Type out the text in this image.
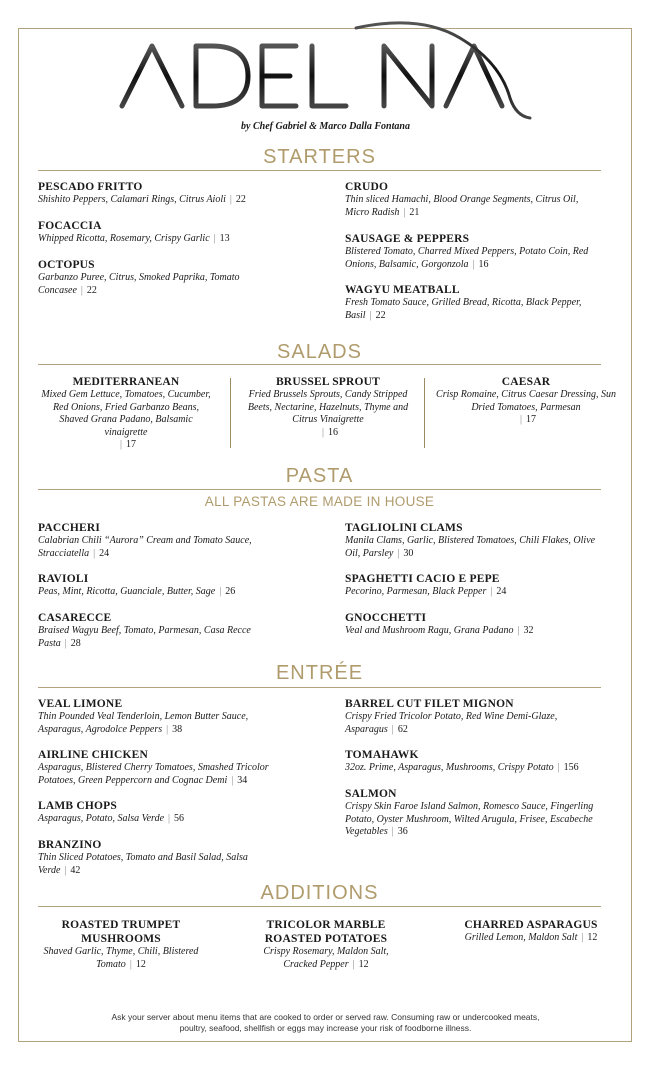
by Chef Gabriel & Marco Dalla Fontana
STARTERS
PESCADO FRITTO
Shishito Peppers, Calamari Rings, Citrus Aioli | 22
FOCACCIA
Whipped Ricotta, Rosemary, Crispy Garlic | 13
OCTOPUS
Garbanzo Puree, Citrus, Smoked Paprika, Tomato Concasee | 22
CRUDO
Thin sliced Hamachi, Blood Orange Segments, Citrus Oil, Micro Radish | 21
SAUSAGE & PEPPERS
Blistered Tomato, Charred Mixed Peppers, Potato Coin, Red Onions, Balsamic, Gorgonzola | 16
WAGYU MEATBALL
Fresh Tomato Sauce, Grilled Bread, Ricotta, Black Pepper, Basil | 22
SALADS
MEDITERRANEAN
Mixed Gem Lettuce, Tomatoes, Cucumber, Red Onions, Fried Garbanzo Beans, Shaved Grana Padano, Balsamic vinaigrette
| 17
BRUSSEL SPROUT
Fried Brussels Sprouts, Candy Stripped Beets, Nectarine, Hazelnuts, Thyme and Citrus Vinaigrette
| 16
CAESAR
Crisp Romaine, Citrus Caesar Dressing, Sun Dried Tomatoes, Parmesan
| 17
PASTA
ALL PASTAS ARE MADE IN HOUSE
PACCHERI
Calabrian Chili “Aurora” Cream and Tomato Sauce, Stracciatella | 24
RAVIOLI
Peas, Mint, Ricotta, Guanciale, Butter, Sage | 26
CASARECCE
Braised Wagyu Beef, Tomato, Parmesan, Casa Recce Pasta | 28
TAGLIOLINI CLAMS
Manila Clams, Garlic, Blistered Tomatoes, Chili Flakes, Olive Oil, Parsley | 30
SPAGHETTI CACIO E PEPE
Pecorino, Parmesan, Black Pepper | 24
GNOCCHETTI
Veal and Mushroom Ragu, Grana Padano | 32
ENTRÉE
VEAL LIMONE
Thin Pounded Veal Tenderloin, Lemon Butter Sauce, Asparagus, Agrodolce Peppers | 38
AIRLINE CHICKEN
Asparagus, Blistered Cherry Tomatoes, Smashed Tricolor Potatoes, Green Peppercorn and Cognac Demi | 34
LAMB CHOPS
Asparagus, Potato, Salsa Verde | 56
BRANZINO
Thin Sliced Potatoes, Tomato and Basil Salad, Salsa Verde | 42
BARREL CUT FILET MIGNON
Crispy Fried Tricolor Potato, Red Wine Demi-Glaze, Asparagus | 62
TOMAHAWK
32oz. Prime, Asparagus, Mushrooms, Crispy Potato | 156
SALMON
Crispy Skin Faroe Island Salmon, Romesco Sauce, Fingerling Potato, Oyster Mushroom, Wilted Arugula, Frisee, Escabeche Vegetables | 36
ADDITIONS
ROASTED TRUMPET MUSHROOMS
Shaved Garlic, Thyme, Chili, Blistered Tomato | 12
TRICOLOR MARBLE ROASTED POTATOES
Crispy Rosemary, Maldon Salt, Cracked Pepper | 12
CHARRED ASPARAGUS
Grilled Lemon, Maldon Salt | 12
Ask your server about menu items that are cooked to order or served raw. Consuming raw or undercooked meats,
poultry, seafood, shellfish or eggs may increase your risk of foodborne illness.
